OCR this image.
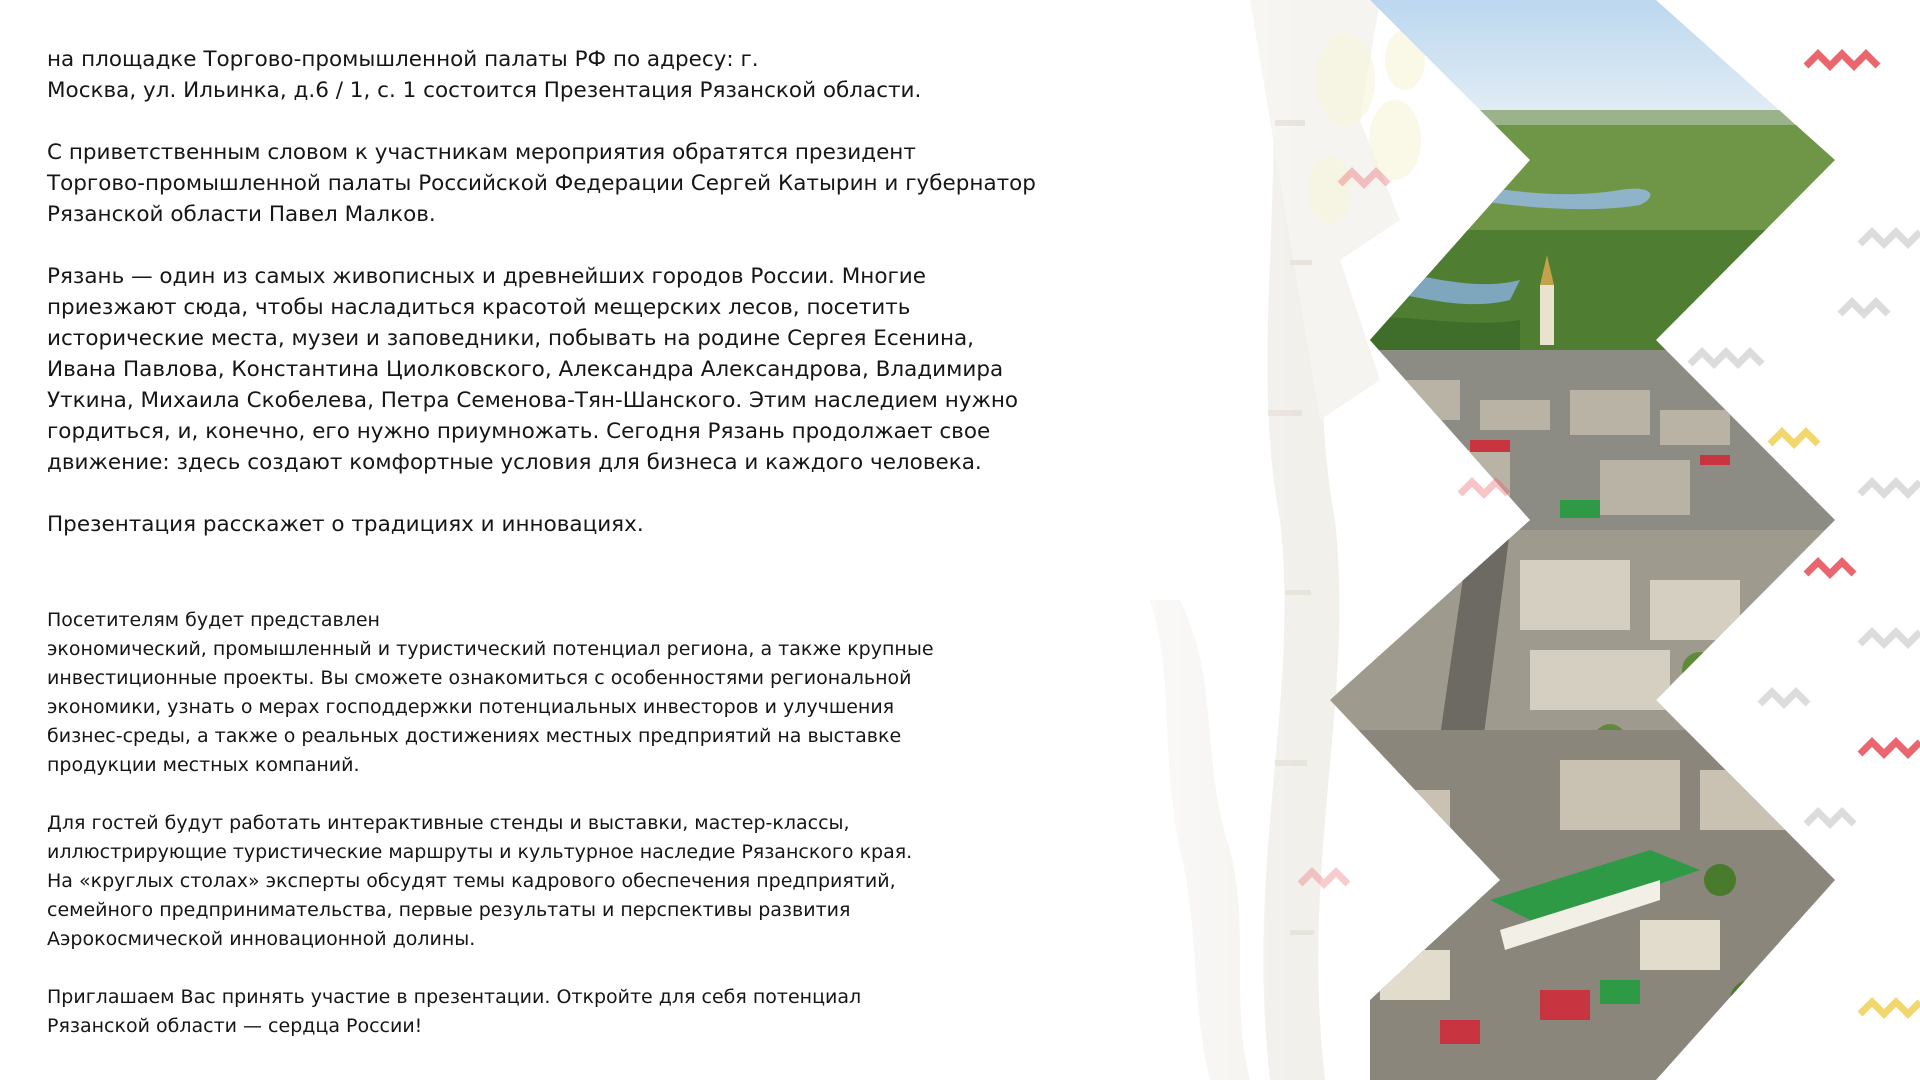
на площадке Торгово-промышленной палаты РФ по адресу: г.
Москва, ул. Ильинка, д.6 / 1, с. 1 состоится Презентация Рязанской области.

С приветственным словом к участникам мероприятия обратятся президент
Торгово-промышленной палаты Российской Федерации Сергей Катырин и губернатор
Рязанской области Павел Малков.

Рязань — один из самых живописных и древнейших городов России. Многие
приезжают сюда, чтобы насладиться красотой мещерских лесов, посетить
исторические места, музеи и заповедники, побывать на родине Сергея Есенина,
Ивана Павлова, Константина Циолковского, Александра Александрова, Владимира
Уткина, Михаила Скобелева, Петра Семенова-Тян-Шанского. Этим наследием нужно
гордиться, и, конечно, его нужно приумножать. Сегодня Рязань продолжает свое
движение: здесь создают комфортные условия для бизнеса и каждого человека.

Презентация расскажет о традициях и инновациях.

Посетителям будет представлен
экономический, промышленный и туристический потенциал региона, а также крупные
инвестиционные проекты. Вы сможете ознакомиться с особенностями региональной
экономики, узнать о мерах господдержки потенциальных инвесторов и улучшения
бизнес-среды, а также о реальных достижениях местных предприятий на выставке
продукции местных компаний.

Для гостей будут работать интерактивные стенды и выставки, мастер-классы,
иллюстрирующие туристические маршруты и культурное наследие Рязанского края.
На «круглых столах» эксперты обсудят темы кадрового обеспечения предприятий,
семейного предпринимательства, первые результаты и перспективы развития
Аэрокосмической инновационной долины.

Приглашаем Вас принять участие в презентации. Откройте для себя потенциал
Рязанской области — сердца России!
